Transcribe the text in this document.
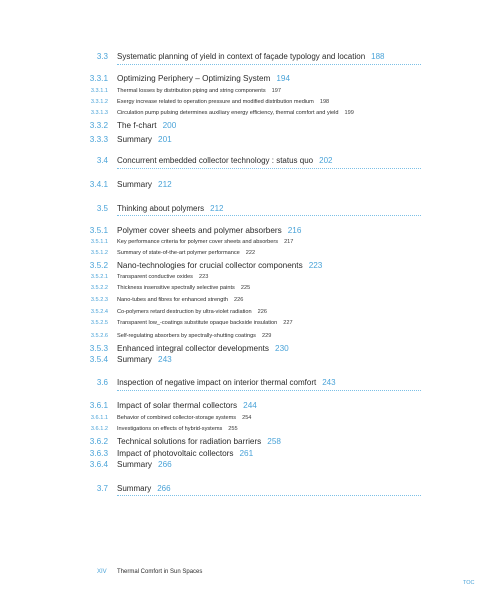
3.3 Systematic planning of yield in context of façade typology and location 188
3.3.1 Optimizing Periphery – Optimizing System 194
3.3.1.1 Thermal losses by distribution piping and string components 197
3.3.1.2 Exergy increase related to operation pressure and modified distribution medium 198
3.3.1.3 Circulation pump pulsing determines auxiliary energy efficiency, thermal comfort and yield 199
3.3.2 The f-chart 200
3.3.3 Summary 201
3.4 Concurrent embedded collector technology : status quo 202
3.4.1 Summary 212
3.5 Thinking about polymers 212
3.5.1 Polymer cover sheets and polymer absorbers 216
3.5.1.1 Key performance criteria for polymer cover sheets and absorbers 217
3.5.1.2 Summary of state-of-the-art polymer performance 222
3.5.2 Nano-technologies for crucial collector components 223
3.5.2.1 Transparent conductive oxides 223
3.5.2.2 Thickness insensitive spectrally selective paints 225
3.5.2.3 Nano-tubes and fibres for enhanced strength 226
3.5.2.4 Co-polymers retard destruction by ultra-violet radiation 226
3.5.2.5 Transparent low_-coatings substitute opaque backside insulation 227
3.5.2.6 Self-regulating absorbers by spectrally-shutting coatings 229
3.5.3 Enhanced integral collector developments 230
3.5.4 Summary 243
3.6 Inspection of negative impact on interior thermal comfort 243
3.6.1 Impact of solar thermal collectors 244
3.6.1.1 Behavior of combined collector-storage systems 254
3.6.1.2 Investigations on effects of hybrid-systems 255
3.6.2 Technical solutions for radiation barriers 258
3.6.3 Impact of photovoltaic collectors 261
3.6.4 Summary 266
3.7 Summary 266
XIV Thermal Comfort in Sun Spaces
TOC
